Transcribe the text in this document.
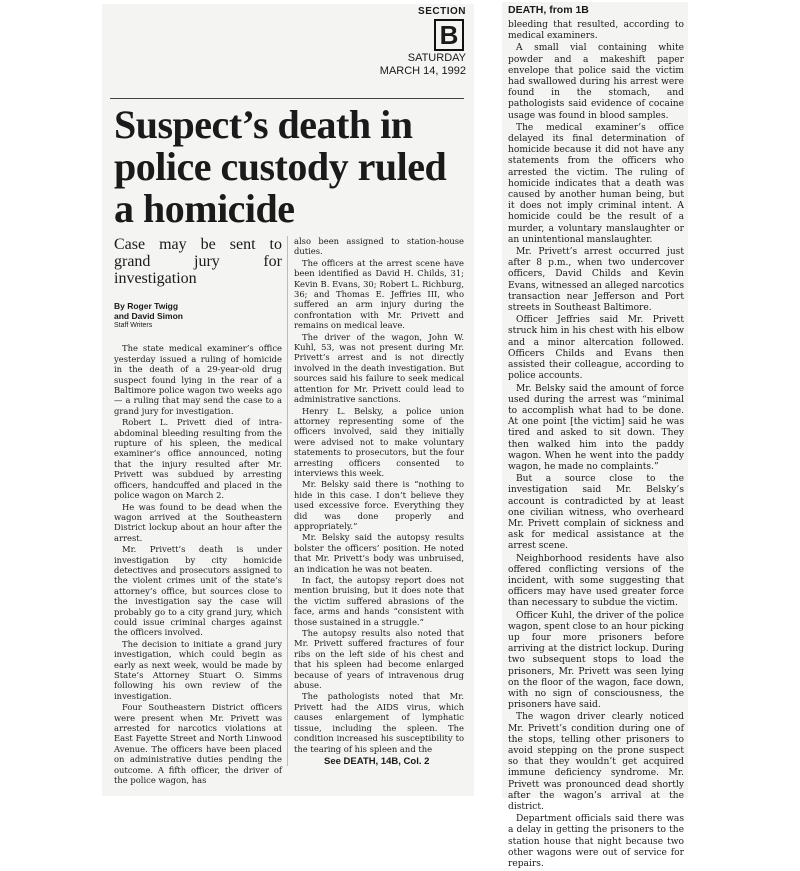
SECTION
B
SATURDAY
MARCH 14, 1992
Suspect’s death in police custody ruled a homicide
Case may be sent to grand jury for investigation
By Roger Twigg
and David Simon
Staff Writers

The state medical examiner’s office yesterday issued a ruling of homicide in the death of a 29-year-old drug suspect found lying in the rear of a Baltimore police wagon two weeks ago — a ruling that may send the case to a grand jury for investigation.

Robert L. Privett died of intra-abdominal bleeding resulting from the rupture of his spleen, the medical examiner’s office announced, noting that the injury resulted after Mr. Privett was subdued by arresting officers, handcuffed and placed in the police wagon on March 2.

He was found to be dead when the wagon arrived at the Southeastern District lockup about an hour after the arrest.

Mr. Privett’s death is under investigation by city homicide detectives and prosecutors assigned to the violent crimes unit of the state’s attorney’s office, but sources close to the investigation say the case will probably go to a city grand jury, which could issue criminal charges against the officers involved.

The decision to initiate a grand jury investigation, which could begin as early as next week, would be made by State’s Attorney Stuart O. Simms following his own review of the investigation.

Four Southeastern District officers were present when Mr. Privett was arrested for narcotics violations at East Fayette Street and North Linwood Avenue. The officers have been placed on administrative duties pending the outcome. A fifth officer, the driver of the police wagon, has

also been assigned to station-house duties.

The officers at the arrest scene have been identified as David H. Childs, 31; Kevin B. Evans, 30; Robert L. Richburg, 36; and Thomas E. Jeffries III, who suffered an arm injury during the confrontation with Mr. Privett and remains on medical leave.

The driver of the wagon, John W. Kuhl, 53, was not present during Mr. Privett’s arrest and is not directly involved in the death investigation. But sources said his failure to seek medical attention for Mr. Privett could lead to administrative sanctions.

Henry L. Belsky, a police union attorney representing some of the officers involved, said they initially were advised not to make voluntary statements to prosecutors, but the four arresting officers consented to interviews this week.

Mr. Belsky said there is “nothing to hide in this case. I don’t believe they used excessive force. Everything they did was done properly and appropriately.”

Mr. Belsky said the autopsy results bolster the officers’ position. He noted that Mr. Privett’s body was unbruised, an indication he was not beaten.

In fact, the autopsy report does not mention bruising, but it does note that the victim suffered abrasions of the face, arms and hands “consistent with those sustained in a struggle.”

The autopsy results also noted that Mr. Privett suffered fractures of four ribs on the left side of his chest and that his spleen had become enlarged because of years of intravenous drug abuse.

The pathologists noted that Mr. Privett had the AIDS virus, which causes enlargement of lymphatic tissue, including the spleen. The condition increased his susceptibility to the tearing of his spleen and the

See DEATH, 14B, Col. 2
DEATH, from 1B

bleeding that resulted, according to medical examiners.

A small vial containing white powder and a makeshift paper envelope that police said the victim had swallowed during his arrest were found in the stomach, and pathologists said evidence of cocaine usage was found in blood samples.

The medical examiner’s office delayed its final determination of homicide because it did not have any statements from the officers who arrested the victim. The ruling of homicide indicates that a death was caused by another human being, but it does not imply criminal intent. A homicide could be the result of a murder, a voluntary manslaughter or an unintentional manslaughter.

Mr. Privett’s arrest occurred just after 8 p.m., when two undercover officers, David Childs and Kevin Evans, witnessed an alleged narcotics transaction near Jefferson and Port streets in Southeast Baltimore.

Officer Jeffries said Mr. Privett struck him in his chest with his elbow and a minor altercation followed. Officers Childs and Evans then assisted their colleague, according to police accounts.

Mr. Belsky said the amount of force used during the arrest was “minimal to accomplish what had to be done. At one point [the victim] said he was tired and asked to sit down. They then walked him into the paddy wagon. When he went into the paddy wagon, he made no complaints.”

But a source close to the investigation said Mr. Belsky’s account is contradicted by at least one civilian witness, who overheard Mr. Privett complain of sickness and ask for medical assistance at the arrest scene.

Neighborhood residents have also offered conflicting versions of the incident, with some suggesting that officers may have used greater force than necessary to subdue the victim.

Officer Kuhl, the driver of the police wagon, spent close to an hour picking up four more prisoners before arriving at the district lockup. During two subsequent stops to load the prisoners, Mr. Privett was seen lying on the floor of the wagon, face down, with no sign of consciousness, the prisoners have said.

The wagon driver clearly noticed Mr. Privett’s condition during one of the stops, telling other prisoners to avoid stepping on the prone suspect so that they wouldn’t get acquired immune deficiency syndrome. Mr. Privett was pronounced dead shortly after the wagon’s arrival at the district.

Department officials said there was a delay in getting the prisoners to the station house that night because two other wagons were out of service for repairs.
